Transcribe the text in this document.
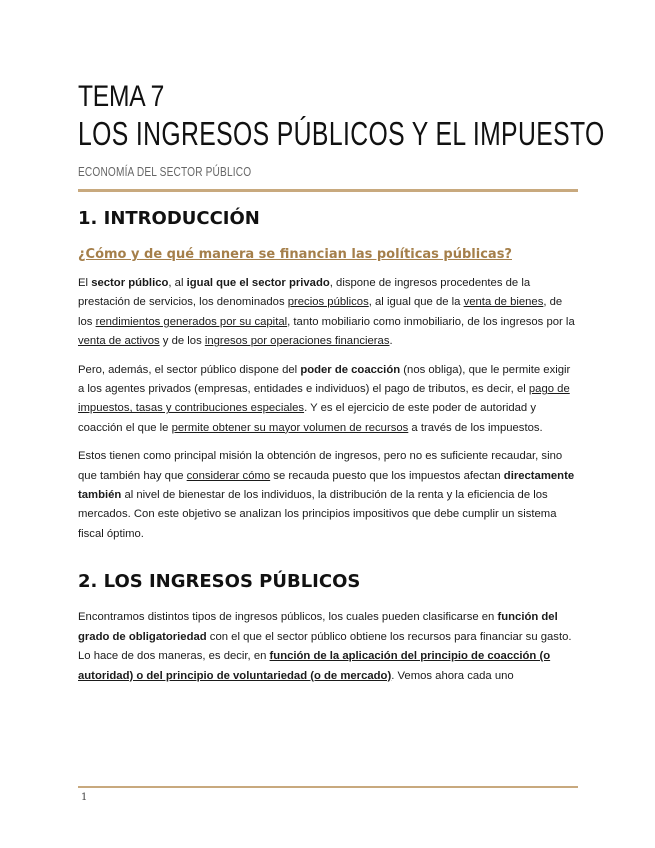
TEMA 7
LOS INGRESOS PÚBLICOS Y EL IMPUESTO
ECONOMÍA DEL SECTOR PÚBLICO
1. INTRODUCCIÓN
¿Cómo y de qué manera se financian las políticas públicas?

El sector público, al igual que el sector privado, dispone de ingresos procedentes de la prestación de servicios, los denominados precios públicos, al igual que de la venta de bienes, de los rendimientos generados por su capital, tanto mobiliario como inmobiliario, de los ingresos por la venta de activos y de los ingresos por operaciones financieras.

Pero, además, el sector público dispone del poder de coacción (nos obliga), que le permite exigir a los agentes privados (empresas, entidades e individuos) el pago de tributos, es decir, el pago de impuestos, tasas y contribuciones especiales. Y es el ejercicio de este poder de autoridad y coacción el que le permite obtener su mayor volumen de recursos a través de los impuestos.

Estos tienen como principal misión la obtención de ingresos, pero no es suficiente recaudar, sino que también hay que considerar cómo se recauda puesto que los impuestos afectan directamente también al nivel de bienestar de los individuos, la distribución de la renta y la eficiencia de los mercados. Con este objetivo se analizan los principios impositivos que debe cumplir un sistema fiscal óptimo.

2. LOS INGRESOS PÚBLICOS

Encontramos distintos tipos de ingresos públicos, los cuales pueden clasificarse en función del grado de obligatoriedad con el que el sector público obtiene los recursos para financiar su gasto. Lo hace de dos maneras, es decir, en función de la aplicación del principio de coacción (o autoridad) o del principio de voluntariedad (o de mercado). Vemos ahora cada uno

1
